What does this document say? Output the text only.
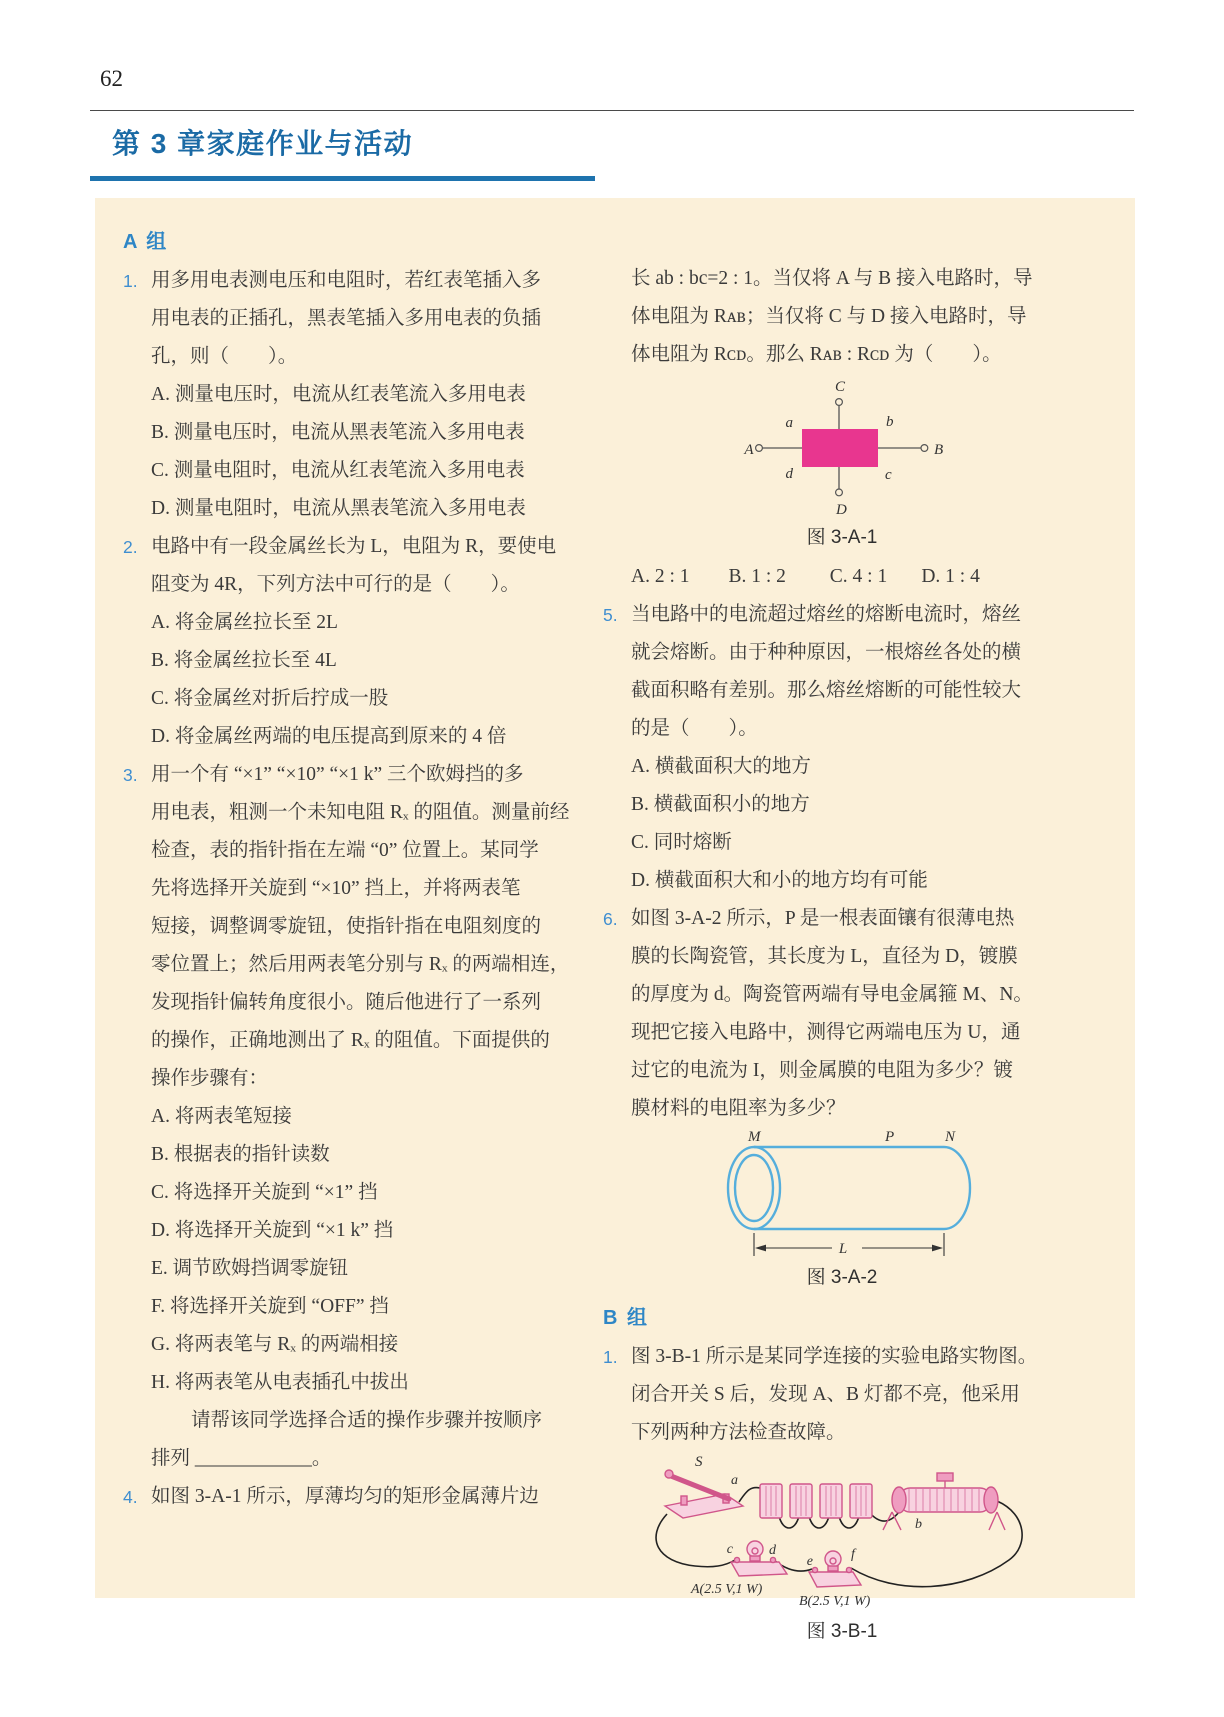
62
第 3 章家庭作业与活动
A 组
1. 用多用电表测电压和电阻时，若红表笔插入多
用电表的正插孔，黑表笔插入多用电表的负插
孔，则（　　）。
A. 测量电压时，电流从红表笔流入多用电表
B. 测量电压时，电流从黑表笔流入多用电表
C. 测量电阻时，电流从红表笔流入多用电表
D. 测量电阻时，电流从黑表笔流入多用电表
2. 电路中有一段金属丝长为 L，电阻为 R，要使电
阻变为 4R，下列方法中可行的是（　　）。
A. 将金属丝拉长至 2L
B. 将金属丝拉长至 4L
C. 将金属丝对折后拧成一股
D. 将金属丝两端的电压提高到原来的 4 倍
3. 用一个有 “×1” “×10” “×1 k” 三个欧姆挡的多
用电表，粗测一个未知电阻 Rₓ 的阻值。测量前经
检查，表的指针指在左端 “0” 位置上。某同学
先将选择开关旋到 “×10” 挡上，并将两表笔
短接，调整调零旋钮，使指针指在电阻刻度的
零位置上；然后用两表笔分别与 Rₓ 的两端相连，
发现指针偏转角度很小。随后他进行了一系列
的操作，正确地测出了 Rₓ 的阻值。下面提供的
操作步骤有：
A. 将两表笔短接
B. 根据表的指针读数
C. 将选择开关旋到 “×1” 挡
D. 将选择开关旋到 “×1 k” 挡
E. 调节欧姆挡调零旋钮
F. 将选择开关旋到 “OFF” 挡
G. 将两表笔与 Rₓ 的两端相接
H. 将两表笔从电表插孔中拔出
请帮该同学选择合适的操作步骤并按顺序
排列 ____________。
4. 如图 3-A-1 所示，厚薄均匀的矩形金属薄片边
长 ab : bc=2 : 1。当仅将 A 与 B 接入电路时，导
体电阻为 Rᴀʙ；当仅将 C 与 D 接入电路时，导
体电阻为 Rᴄᴅ。那么 Rᴀʙ : Rᴄᴅ 为（　　）。
C
a	b
A	B
d	c
D
图 3-A-1
A. 2 : 1        B. 1 : 2         C. 4 : 1       D. 1 : 4
5. 当电路中的电流超过熔丝的熔断电流时，熔丝
就会熔断。由于种种原因，一根熔丝各处的横
截面积略有差别。那么熔丝熔断的可能性较大
的是（　　）。
A. 横截面积大的地方
B. 横截面积小的地方
C. 同时熔断
D. 横截面积大和小的地方均有可能
6. 如图 3-A-2 所示，P 是一根表面镶有很薄电热
膜的长陶瓷管，其长度为 L，直径为 D，镀膜
的厚度为 d。陶瓷管两端有导电金属箍 M、N。
现把它接入电路中，测得它两端电压为 U，通
过它的电流为 I，则金属膜的电阻为多少？镀
膜材料的电阻率为多少？
M	P	N
L
图 3-A-2
B 组
1. 图 3-B-1 所示是某同学连接的实验电路实物图。
闭合开关 S 后，发现 A、B 灯都不亮，他采用
下列两种方法检查故障。
S
a
b
c	d
A(2.5 V,1 W)
e	f
B(2.5 V,1 W)
图 3-B-1
